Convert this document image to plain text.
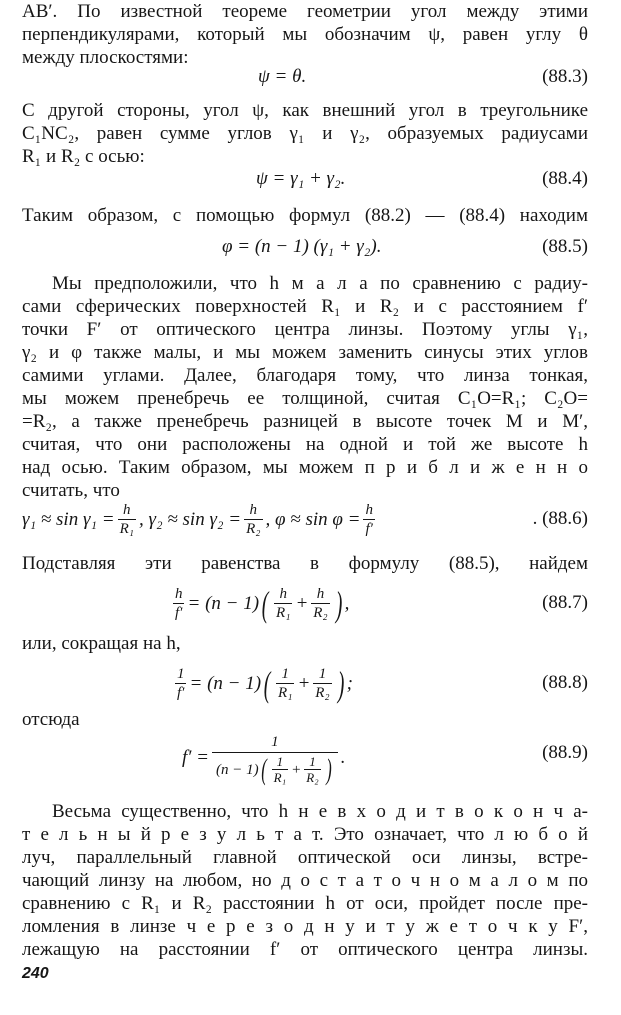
AB′. По известной теореме геометрии угол между этими
перпендикулярами, который мы обозначим ψ, равен углу θ
между плоскостями:
ψ = θ.	(88.3)
С другой стороны, угол ψ, как внешний угол в треугольнике
C₁NC₂, равен сумме углов γ₁ и γ₂, образуемых радиусами
R₁ и R₂ с осью:
ψ = γ₁ + γ₂.	(88.4)
Таким образом, с помощью формул (88.2) — (88.4) находим
φ = (n − 1) (γ₁ + γ₂).	(88.5)
Мы предположили, что h м а л а по сравнению с радиу-
сами сферических поверхностей R₁ и R₂ и с расстоянием f′
точки F′ от оптического центра линзы. Поэтому углы γ₁,
γ₂ и φ также малы, и мы можем заменить синусы этих углов
самими углами. Далее, благодаря тому, что линза тонкая,
мы можем пренебречь ее толщиной, считая C₁O=R₁; C₂O=
=R₂, а также пренебречь разницей в высоте точек M и M′,
считая, что они расположены на одной и той же высоте h
над осью. Таким образом, мы можем п р и б л и ж е н н о
считать, что
$\gamma_1 \approx \sin \gamma_1 = \frac{h}{\text{R₁}}$ , $\gamma_2 \approx \sin \gamma_2 = \frac{h}{\text{R₂}}$ , $\varphi \approx \sin \varphi = \frac{h}{f'}$	. (88.6)
Подставляя эти равенства в формулу (88.5), найдем
$\frac{h}{f'} = (n - 1)$ ( $\frac{h}{\text{R₁}} + \frac{h}{\text{R₂}}$ ) ,	(88.7)
или, сокращая на h,
$\frac{1}{f'} = (n - 1)$ ( $\frac{1}{\text{R₁}} + \frac{1}{\text{R₂}}$ ) ;	(88.8)
отсюда
f′ =
1
(n − 1) ( $\frac{1}{\text{R₁}} + \frac{1}{\text{R₂}}$ ) .	(88.9)
Весьма существенно, что h н е в х о д и т в о к о н ч а-
т е л ь н ы й р е з у л ь т а т. Это означает, что л ю б о й
луч, параллельный главной оптической оси линзы, встре-
чающий линзу на любом, но д о с т а т о ч н о м а л о м по
сравнению с R₁ и R₂ расстоянии h от оси, пройдет после пре-
ломления в линзе ч е р е з о д н у и т у ж е т о ч к у F′,
лежащую на расстоянии f′ от оптического центра линзы.
240
